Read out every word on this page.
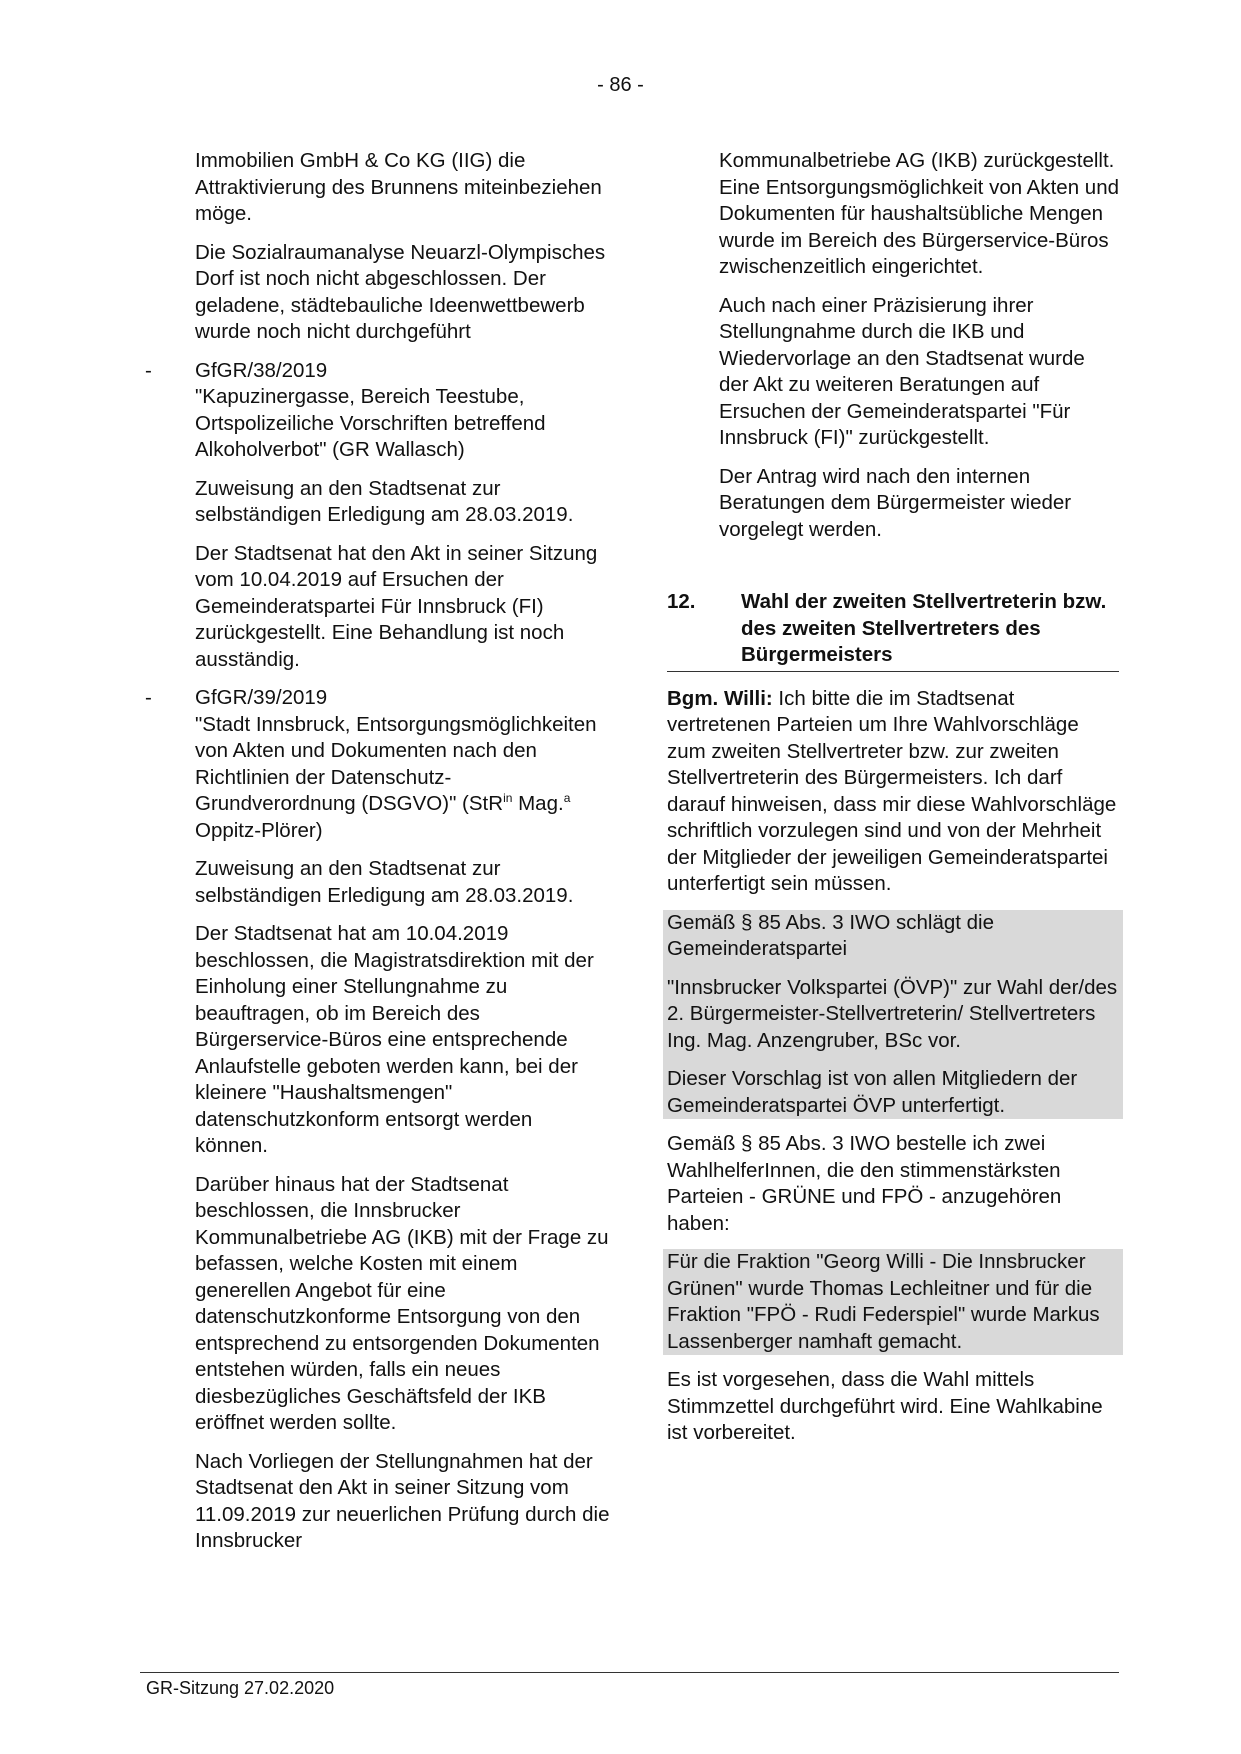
- 86 -

Immobilien GmbH & Co KG (IIG) die Attraktivierung des Brunnens miteinbeziehen möge.

Die Sozialraumanalyse Neuarzl-Olympisches Dorf ist noch nicht abgeschlossen. Der geladene, städtebauliche Ideenwettbewerb wurde noch nicht durchgeführt

- GfGR/38/2019
"Kapuzinergasse, Bereich Teestube, Ortspolizeiliche Vorschriften betreffend Alkoholverbot" (GR Wallasch)

Zuweisung an den Stadtsenat zur selbständigen Erledigung am 28.03.2019.

Der Stadtsenat hat den Akt in seiner Sitzung vom 10.04.2019 auf Ersuchen der Gemeinderatspartei Für Innsbruck (FI) zurückgestellt. Eine Behandlung ist noch ausständig.

- GfGR/39/2019
"Stadt Innsbruck, Entsorgungsmöglichkeiten von Akten und Dokumenten nach den Richtlinien der Datenschutz-Grundverordnung (DSGVO)" (StR$^{in}$ Mag.$^a$ Oppitz-Plörer)

Zuweisung an den Stadtsenat zur selbständigen Erledigung am 28.03.2019.

Der Stadtsenat hat am 10.04.2019 beschlossen, die Magistratsdirektion mit der Einholung einer Stellungnahme zu beauftragen, ob im Bereich des Bürgerservice-Büros eine entsprechende Anlaufstelle geboten werden kann, bei der kleinere "Haushaltsmengen" datenschutzkonform entsorgt werden können.

Darüber hinaus hat der Stadtsenat beschlossen, die Innsbrucker Kommunalbetriebe AG (IKB) mit der Frage zu befassen, welche Kosten mit einem generellen Angebot für eine datenschutzkonforme Entsorgung von den entsprechend zu entsorgenden Dokumenten entstehen würden, falls ein neues diesbezügliches Geschäftsfeld der IKB eröffnet werden sollte.

Nach Vorliegen der Stellungnahmen hat der Stadtsenat den Akt in seiner Sitzung vom 11.09.2019 zur neuerlichen Prüfung durch die Innsbrucker

Kommunalbetriebe AG (IKB) zurückgestellt. Eine Entsorgungsmöglichkeit von Akten und Dokumenten für haushaltsübliche Mengen wurde im Bereich des Bürgerservice-Büros zwischenzeitlich eingerichtet.

Auch nach einer Präzisierung ihrer Stellungnahme durch die IKB und Wiedervorlage an den Stadtsenat wurde der Akt zu weiteren Beratungen auf Ersuchen der Gemeinderatspartei "Für Innsbruck (FI)" zurückgestellt.

Der Antrag wird nach den internen Beratungen dem Bürgermeister wieder vorgelegt werden.

12. Wahl der zweiten Stellvertreterin bzw. des zweiten Stellvertreters des Bürgermeisters

Bgm. Willi: Ich bitte die im Stadtsenat vertretenen Parteien um Ihre Wahlvorschläge zum zweiten Stellvertreter bzw. zur zweiten Stellvertreterin des Bürgermeisters. Ich darf darauf hinweisen, dass mir diese Wahlvorschläge schriftlich vorzulegen sind und von der Mehrheit der Mitglieder der jeweiligen Gemeinderatspartei unterfertigt sein müssen.

Gemäß § 85 Abs. 3 IWO schlägt die Gemeinderatspartei

"Innsbrucker Volkspartei (ÖVP)" zur Wahl der/des 2. Bürgermeister-Stellvertreterin/ Stellvertreters Ing. Mag. Anzengruber, BSc vor.

Dieser Vorschlag ist von allen Mitgliedern der Gemeinderatspartei ÖVP unterfertigt.

Gemäß § 85 Abs. 3 IWO bestelle ich zwei WahlhelferInnen, die den stimmenstärksten Parteien - GRÜNE und FPÖ - anzugehören haben:

Für die Fraktion "Georg Willi - Die Innsbrucker Grünen" wurde Thomas Lechleitner und für die Fraktion "FPÖ - Rudi Federspiel" wurde Markus Lassenberger namhaft gemacht.

Es ist vorgesehen, dass die Wahl mittels Stimmzettel durchgeführt wird. Eine Wahlkabine ist vorbereitet.

GR-Sitzung 27.02.2020
